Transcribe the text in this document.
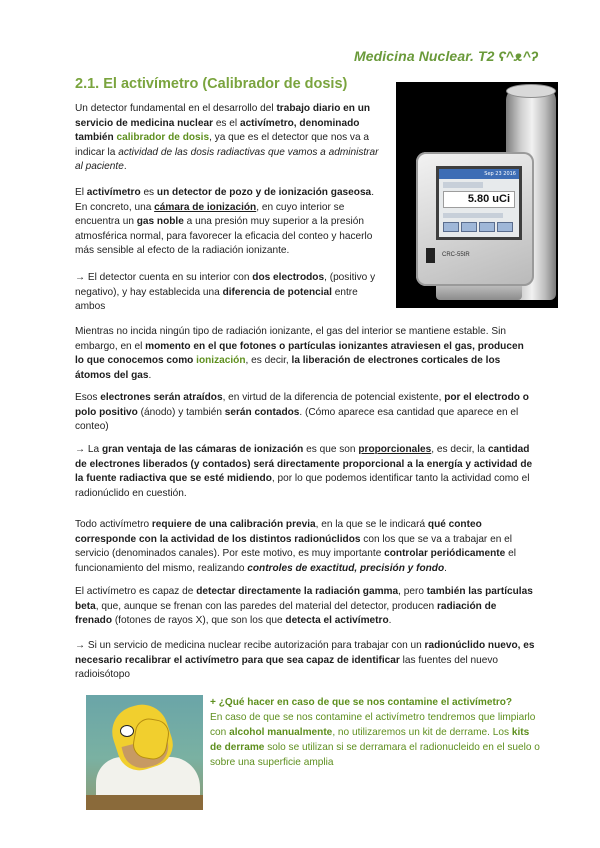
Medicina Nuclear. T2 ʕ^ᴥ^ʔ
2.1. El activímetro (Calibrador de dosis)
Sep 23 2016
5.80 uCi
CRC-55tR

Un detector fundamental en el desarrollo del trabajo diario en un servicio de medicina nuclear es el activímetro, denominado también calibrador de dosis, ya que es el detector que nos va a indicar la actividad de las dosis radiactivas que vamos a administrar al paciente.

El activímetro es un detector de pozo y de ionización gaseosa. En concreto, una cámara de ionización, en cuyo interior se encuentra un gas noble a una presión muy superior a la presión atmosférica normal, para favorecer la eficacia del conteo y hacerlo más sensible al efecto de la radiación ionizante.

→ El detector cuenta en su interior con dos electrodos, (positivo y negativo), y hay establecida una diferencia de potencial entre ambos

Mientras no incida ningún tipo de radiación ionizante, el gas del interior se mantiene estable. Sin embargo, en el momento en el que fotones o partículas ionizantes atraviesen el gas, producen lo que conocemos como ionización, es decir, la liberación de electrones corticales de los átomos del gas.

Esos electrones serán atraídos, en virtud de la diferencia de potencial existente, por el electrodo o polo positivo (ánodo) y también serán contados. (Cómo aparece esa cantidad que aparece en el conteo)

→ La gran ventaja de las cámaras de ionización es que son proporcionales, es decir, la cantidad de electrones liberados (y contados) será directamente proporcional a la energía y actividad de la fuente radiactiva que se esté midiendo, por lo que podemos identificar tanto la actividad como el radionúclido en cuestión.

Todo activímetro requiere de una calibración previa, en la que se le indicará qué conteo corresponde con la actividad de los distintos radionúclidos con los que se va a trabajar en el servicio (denominados canales). Por este motivo, es muy importante controlar periódicamente el funcionamiento del mismo, realizando controles de exactitud, precisión y fondo.

El activímetro es capaz de detectar directamente la radiación gamma, pero también las partículas beta, que, aunque se frenan con las paredes del material del detector, producen radiación de frenado (fotones de rayos X), que son los que detecta el activímetro.

→ Si un servicio de medicina nuclear recibe autorización para trabajar con un radionúclido nuevo, es necesario recalibrar el activímetro para que sea capaz de identificar las fuentes del nuevo radioisótopo

+ ¿Qué hacer en caso de que se nos contamine el activímetro?
En caso de que se nos contamine el activímetro tendremos que limpiarlo con alcohol manualmente, no utilizaremos un kit de derrame. Los kits de derrame solo se utilizan si se derramara el radionucleido en el suelo o sobre una superficie amplia
